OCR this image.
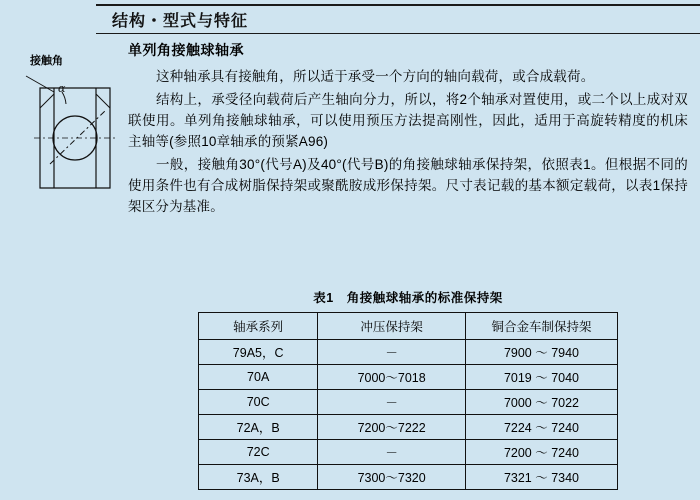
结构・型式与特征
接触角
α
单列角接触球轴承

这种轴承具有接触角，所以适于承受一个方向的轴向载荷，或合成载荷。

结构上，承受径向载荷后产生轴向分力，所以，将2个轴承对置使用，或二个以上成对双联使用。单列角接触球轴承，可以使用预压方法提高刚性，因此，适用于高旋转精度的机床主轴等(参照10章轴承的预紧A96)

一般，接触角30°(代号A)及40°(代号B)的角接触球轴承保持架，依照表1。但根据不同的使用条件也有合成树脂保持架或聚酰胺成形保持架。尺寸表记载的基本额定载荷，以表1保持架区分为基准。

表1　角接触球轴承的标准保持架
轴承系列	冲压保持架	铜合金车制保持架
79A5，C	－	7900 ～ 7940
70A	7000～7018	7019 ～ 7040
70C	－	7000 ～ 7022
72A，B	7200～7222	7224 ～ 7240
72C	－	7200 ～ 7240
73A，B	7300～7320	7321 ～ 7340
